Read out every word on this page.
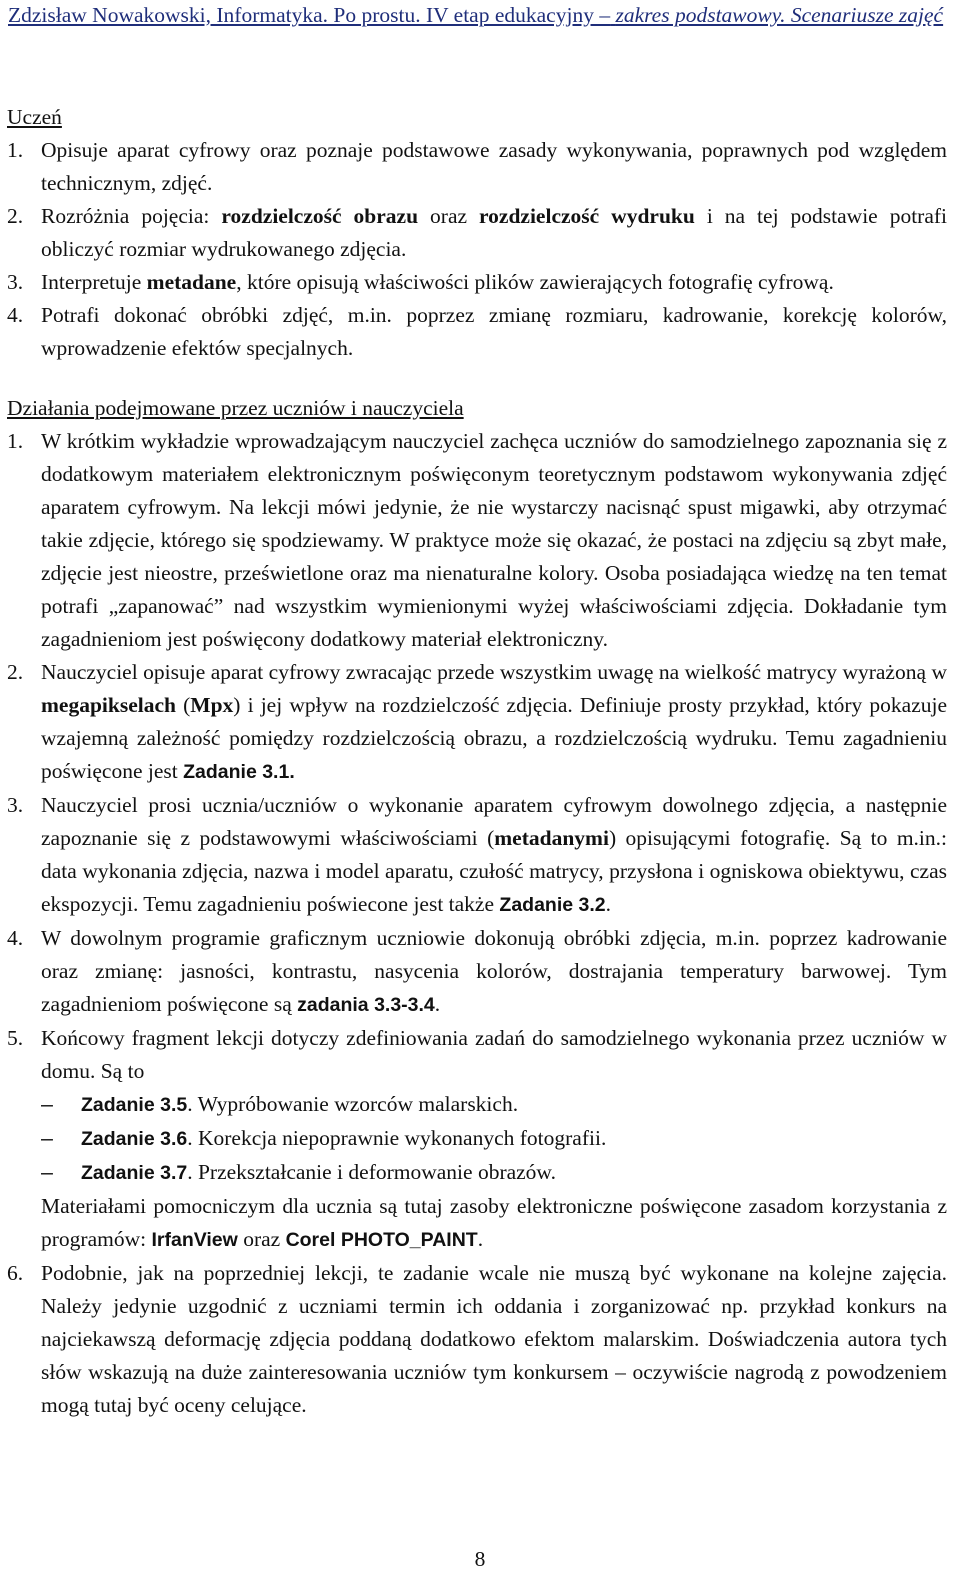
Zdzisław Nowakowski, Informatyka. Po prostu. IV etap edukacyjny – zakres podstawowy. Scenariusze zajęć
Uczeń
1. Opisuje aparat cyfrowy oraz poznaje podstawowe zasady wykonywania, poprawnych pod względem technicznym, zdjęć.
2. Rozróżnia pojęcia: rozdzielczość obrazu oraz rozdzielczość wydruku i na tej podstawie potrafi obliczyć rozmiar wydrukowanego zdjęcia.
3. Interpretuje metadane, które opisują właściwości plików zawierających fotografię cyfrową.
4. Potrafi dokonać obróbki zdjęć, m.in. poprzez zmianę rozmiaru, kadrowanie, korekcję kolorów, wprowadzenie efektów specjalnych.
Działania podejmowane przez uczniów i nauczyciela
1. W krótkim wykładzie wprowadzającym nauczyciel zachęca uczniów do samodzielnego zapoznania się z dodatkowym materiałem elektronicznym poświęconym teoretycznym podstawom wykonywania zdjęć aparatem cyfrowym. Na lekcji mówi jedynie, że nie wystarczy nacisnąć spust migawki, aby otrzymać takie zdjęcie, którego się spodziewamy. W praktyce może się okazać, że postaci na zdjęciu są zbyt małe, zdjęcie jest nieostre, prześwietlone oraz ma nienaturalne kolory. Osoba posiadająca wiedzę na ten temat potrafi „zapanować” nad wszystkim wymienionymi wyżej właściwościami zdjęcia. Dokładanie tym zagadnieniom jest poświęcony dodatkowy materiał elektroniczny.
2. Nauczyciel opisuje aparat cyfrowy zwracając przede wszystkim uwagę na wielkość matrycy wyrażoną w megapikselach (Mpx) i jej wpływ na rozdzielczość zdjęcia. Definiuje prosty przykład, który pokazuje wzajemną zależność pomiędzy rozdzielczością obrazu, a rozdzielczością wydruku. Temu zagadnieniu poświęcone jest Zadanie 3.1.
3. Nauczyciel prosi ucznia/uczniów o wykonanie aparatem cyfrowym dowolnego zdjęcia, a następnie zapoznanie się z podstawowymi właściwościami (metadanymi) opisującymi fotografię. Są to m.in.: data wykonania zdjęcia, nazwa i model aparatu, czułość matrycy, przysłona i ogniskowa obiektywu, czas ekspozycji. Temu zagadnieniu poświecone jest także Zadanie 3.2.
4. W dowolnym programie graficznym uczniowie dokonują obróbki zdjęcia, m.in. poprzez kadrowanie oraz zmianę: jasności, kontrastu, nasycenia kolorów, dostrajania temperatury barwowej. Tym zagadnieniom poświęcone są zadania 3.3-3.4.
5. Końcowy fragment lekcji dotyczy zdefiniowania zadań do samodzielnego wykonania przez uczniów w domu. Są to
– Zadanie 3.5. Wypróbowanie wzorców malarskich.
– Zadanie 3.6. Korekcja niepoprawnie wykonanych fotografii.
– Zadanie 3.7. Przekształcanie i deformowanie obrazów.
Materiałami pomocniczym dla ucznia są tutaj zasoby elektroniczne poświęcone zasadom korzystania z programów: IrfanView oraz Corel PHOTO_PAINT.
6. Podobnie, jak na poprzedniej lekcji, te zadanie wcale nie muszą być wykonane na kolejne zajęcia. Należy jedynie uzgodnić z uczniami termin ich oddania i zorganizować np. przykład konkurs na najciekawszą deformację zdjęcia poddaną dodatkowo efektom malarskim. Doświadczenia autora tych słów wskazują na duże zainteresowania uczniów tym konkursem – oczywiście nagrodą z powodzeniem mogą tutaj być oceny celujące.
8
